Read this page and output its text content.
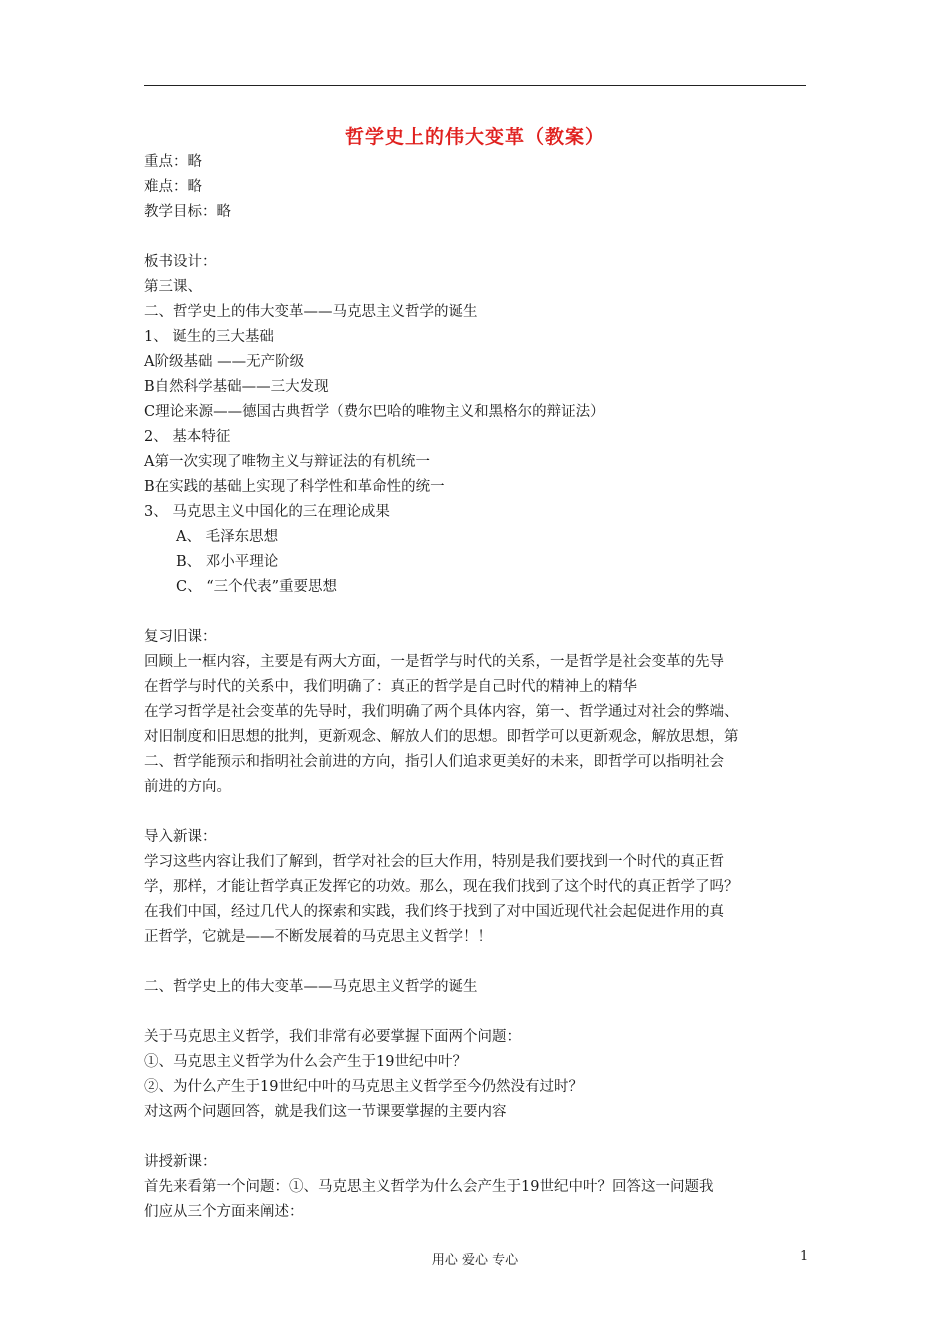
哲学史上的伟大变革（教案）
重点：略
难点：略
教学目标：略
板书设计：
第三课、
二、哲学史上的伟大变革——马克思主义哲学的诞生
1、 诞生的三大基础
A阶级基础 ——无产阶级
B自然科学基础——三大发现
C理论来源——德国古典哲学（费尔巴哈的唯物主义和黑格尔的辩证法）
2、 基本特征
A第一次实现了唯物主义与辩证法的有机统一
B在实践的基础上实现了科学性和革命性的统一
3、 马克思主义中国化的三在理论成果
A、 毛泽东思想
B、 邓小平理论
C、 “三个代表”重要思想
复习旧课：
回顾上一框内容，主要是有两大方面，一是哲学与时代的关系，一是哲学是社会变革的先导
在哲学与时代的关系中，我们明确了：真正的哲学是自己时代的精神上的精华
在学习哲学是社会变革的先导时，我们明确了两个具体内容，第一、哲学通过对社会的弊端、
对旧制度和旧思想的批判，更新观念、解放人们的思想。即哲学可以更新观念，解放思想，第
二、哲学能预示和指明社会前进的方向，指引人们追求更美好的未来，即哲学可以指明社会
前进的方向。
导入新课：
学习这些内容让我们了解到，哲学对社会的巨大作用，特别是我们要找到一个时代的真正哲
学，那样，才能让哲学真正发挥它的功效。那么，现在我们找到了这个时代的真正哲学了吗？
在我们中国，经过几代人的探索和实践，我们终于找到了对中国近现代社会起促进作用的真
正哲学，它就是——不断发展着的马克思主义哲学！！
二、哲学史上的伟大变革——马克思主义哲学的诞生
关于马克思主义哲学，我们非常有必要掌握下面两个问题：
①、马克思主义哲学为什么会产生于19世纪中叶？
②、为什么产生于19世纪中叶的马克思主义哲学至今仍然没有过时？
对这两个问题回答，就是我们这一节课要掌握的主要内容
讲授新课：
首先来看第一个问题：①、马克思主义哲学为什么会产生于19世纪中叶？回答这一问题我
们应从三个方面来阐述：
用心 爱心 专心	1
